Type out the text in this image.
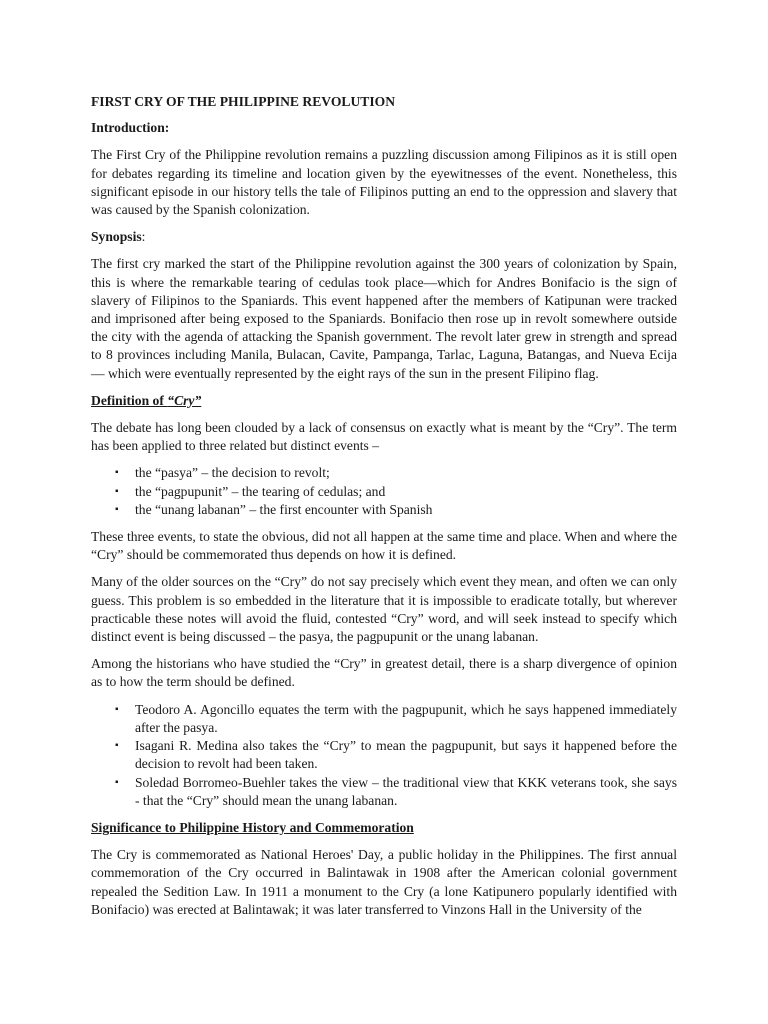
FIRST CRY OF THE PHILIPPINE REVOLUTION
Introduction:

The First Cry of the Philippine revolution remains a puzzling discussion among Filipinos as it is still open for debates regarding its timeline and location given by the eyewitnesses of the event. Nonetheless, this significant episode in our history tells the tale of Filipinos putting an end to the oppression and slavery that was caused by the Spanish colonization.

Synopsis:

The first cry marked the start of the Philippine revolution against the 300 years of colonization by Spain, this is where the remarkable tearing of cedulas took place—which for Andres Bonifacio is the sign of slavery of Filipinos to the Spaniards. This event happened after the members of Katipunan were tracked and imprisoned after being exposed to the Spaniards. Bonifacio then rose up in revolt somewhere outside the city with the agenda of attacking the Spanish government. The revolt later grew in strength and spread to 8 provinces including Manila, Bulacan, Cavite, Pampanga, Tarlac, Laguna, Batangas, and Nueva Ecija — which were eventually represented by the eight rays of the sun in the present Filipino flag.

Definition of “Cry”

The debate has long been clouded by a lack of consensus on exactly what is meant by the “Cry”. The term has been applied to three related but distinct events –

▪ the “pasya” – the decision to revolt;
▪ the “pagpupunit” – the tearing of cedulas; and
▪ the “unang labanan” – the first encounter with Spanish

These three events, to state the obvious, did not all happen at the same time and place. When and where the “Cry” should be commemorated thus depends on how it is defined.

Many of the older sources on the “Cry” do not say precisely which event they mean, and often we can only guess. This problem is so embedded in the literature that it is impossible to eradicate totally, but wherever practicable these notes will avoid the fluid, contested “Cry” word, and will seek instead to specify which distinct event is being discussed – the pasya, the pagpupunit or the unang labanan.

Among the historians who have studied the “Cry” in greatest detail, there is a sharp divergence of opinion as to how the term should be defined.

▪ Teodoro A. Agoncillo equates the term with the pagpupunit, which he says happened immediately after the pasya.
▪ Isagani R. Medina also takes the “Cry” to mean the pagpupunit, but says it happened before the decision to revolt had been taken.
▪ Soledad Borromeo-Buehler takes the view – the traditional view that KKK veterans took, she says - that the “Cry” should mean the unang labanan.
Significance to Philippine History and Commemoration

The Cry is commemorated as National Heroes' Day, a public holiday in the Philippines. The first annual commemoration of the Cry occurred in Balintawak in 1908 after the American colonial government repealed the Sedition Law. In 1911 a monument to the Cry (a lone Katipunero popularly identified with Bonifacio) was erected at Balintawak; it was later transferred to Vinzons Hall in the University of the
